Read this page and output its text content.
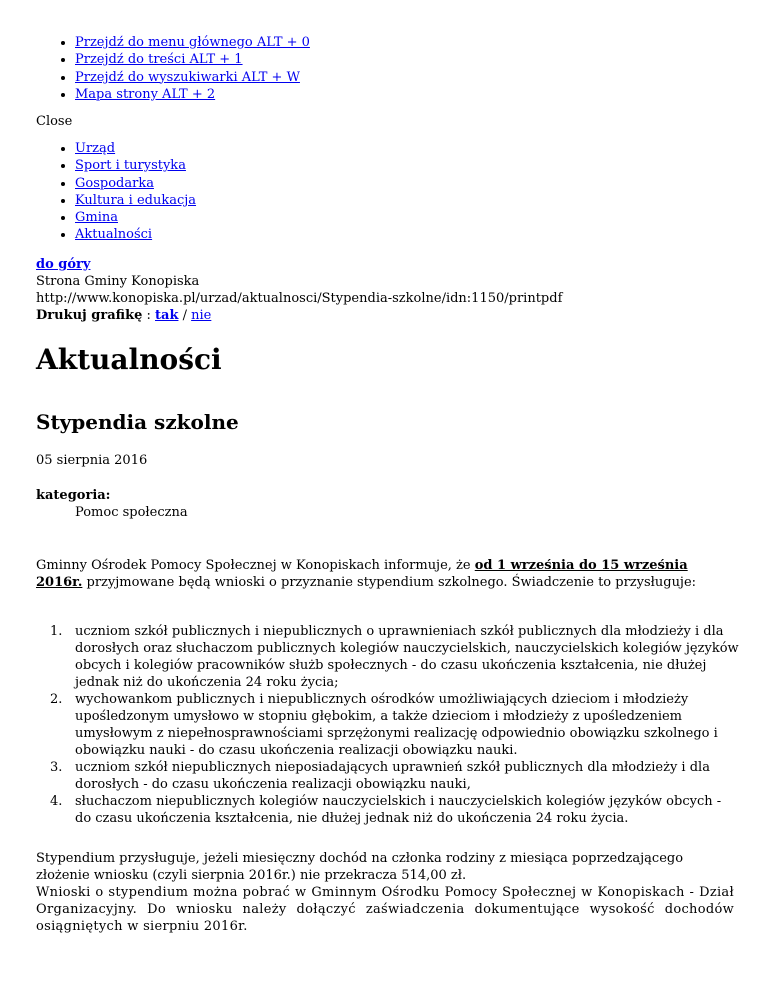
• Przejdź do menu głównego ALT + 0
• Przejdź do treści ALT + 1
• Przejdź do wyszukiwarki ALT + W
• Mapa strony ALT + 2
Close
• Urząd
• Sport i turystyka
• Gospodarka
• Kultura i edukacja
• Gmina
• Aktualności
do góry
Strona Gminy Konopiska
http://www.konopiska.pl/urzad/aktualnosci/Stypendia-szkolne/idn:1150/printpdf
Drukuj grafikę : tak / nie
Aktualności
Stypendia szkolne
05 sierpnia 2016
kategoria:
Pomoc społeczna
Gminny Ośrodek Pomocy Społecznej w Konopiskach informuje, że od 1 września do 15 września 2016r. przyjmowane będą wnioski o przyznanie stypendium szkolnego. Świadczenie to przysługuje:
1. uczniom szkół publicznych i niepublicznych o uprawnieniach szkół publicznych dla młodzieży i dla dorosłych oraz słuchaczom publicznych kolegiów nauczycielskich, nauczycielskich kolegiów języków obcych i kolegiów pracowników służb społecznych - do czasu ukończenia kształcenia, nie dłużej jednak niż do ukończenia 24 roku życia;
2. wychowankom publicznych i niepublicznych ośrodków umożliwiających dzieciom i młodzieży upośledzonym umysłowo w stopniu głębokim, a także dzieciom i młodzieży z upośledzeniem umysłowym z niepełnosprawnościami sprzężonymi realizację odpowiednio obowiązku szkolnego i obowiązku nauki - do czasu ukończenia realizacji obowiązku nauki.
3. uczniom szkół niepublicznych nieposiadających uprawnień szkół publicznych dla młodzieży i dla dorosłych - do czasu ukończenia realizacji obowiązku nauki,
4. słuchaczom niepublicznych kolegiów nauczycielskich i nauczycielskich kolegiów języków obcych - do czasu ukończenia kształcenia, nie dłużej jednak niż do ukończenia 24 roku życia.
Stypendium przysługuje, jeżeli miesięczny dochód na członka rodziny z miesiąca poprzedzającego złożenie wniosku (czyli sierpnia 2016r.) nie przekracza 514,00 zł.
Wnioski o stypendium można pobrać w Gminnym Ośrodku Pomocy Społecznej w Konopiskach - Dział Organizacyjny. Do wniosku należy dołączyć zaświadczenia dokumentujące wysokość dochodów osiągniętych w sierpniu 2016r.
